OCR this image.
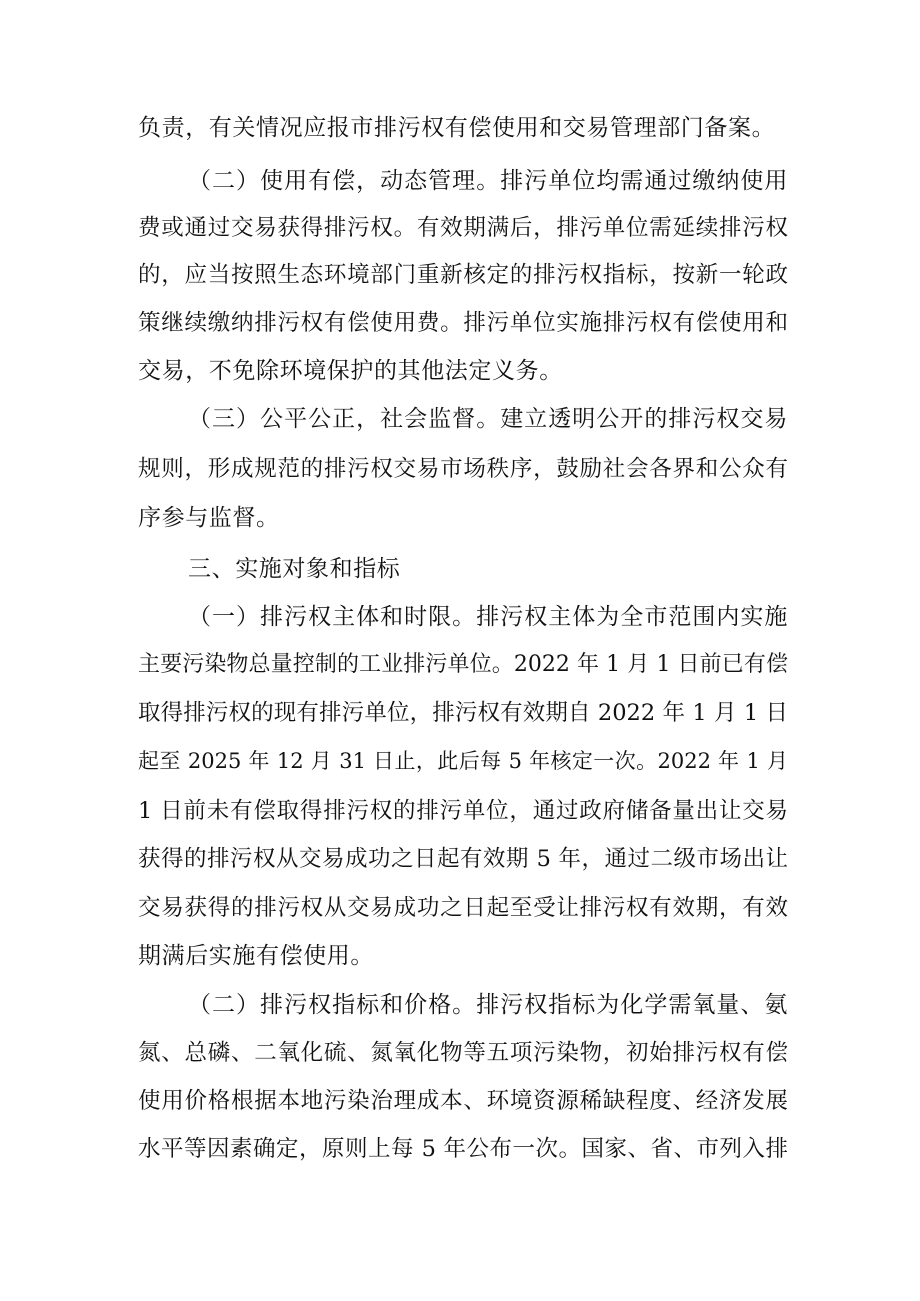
负责，有关情况应报市排污权有偿使用和交易管理部门备案。
（二）使用有偿，动态管理。排污单位均需通过缴纳使用
费或通过交易获得排污权。有效期满后，排污单位需延续排污权
的，应当按照生态环境部门重新核定的排污权指标，按新一轮政
策继续缴纳排污权有偿使用费。排污单位实施排污权有偿使用和
交易，不免除环境保护的其他法定义务。
（三）公平公正，社会监督。建立透明公开的排污权交易
规则，形成规范的排污权交易市场秩序，鼓励社会各界和公众有
序参与监督。
三、实施对象和指标
（一）排污权主体和时限。排污权主体为全市范围内实施
主要污染物总量控制的工业排污单位。2022 年 1 月 1 日前已有偿
取得排污权的现有排污单位，排污权有效期自 2022 年 1 月 1 日
起至 2025 年 12 月 31 日止，此后每 5 年核定一次。2022 年 1 月
1 日前未有偿取得排污权的排污单位，通过政府储备量出让交易
获得的排污权从交易成功之日起有效期 5 年，通过二级市场出让
交易获得的排污权从交易成功之日起至受让排污权有效期，有效
期满后实施有偿使用。
（二）排污权指标和价格。排污权指标为化学需氧量、氨
氮、总磷、二氧化硫、氮氧化物等五项污染物，初始排污权有偿
使用价格根据本地污染治理成本、环境资源稀缺程度、经济发展
水平等因素确定，原则上每 5 年公布一次。国家、省、市列入排
